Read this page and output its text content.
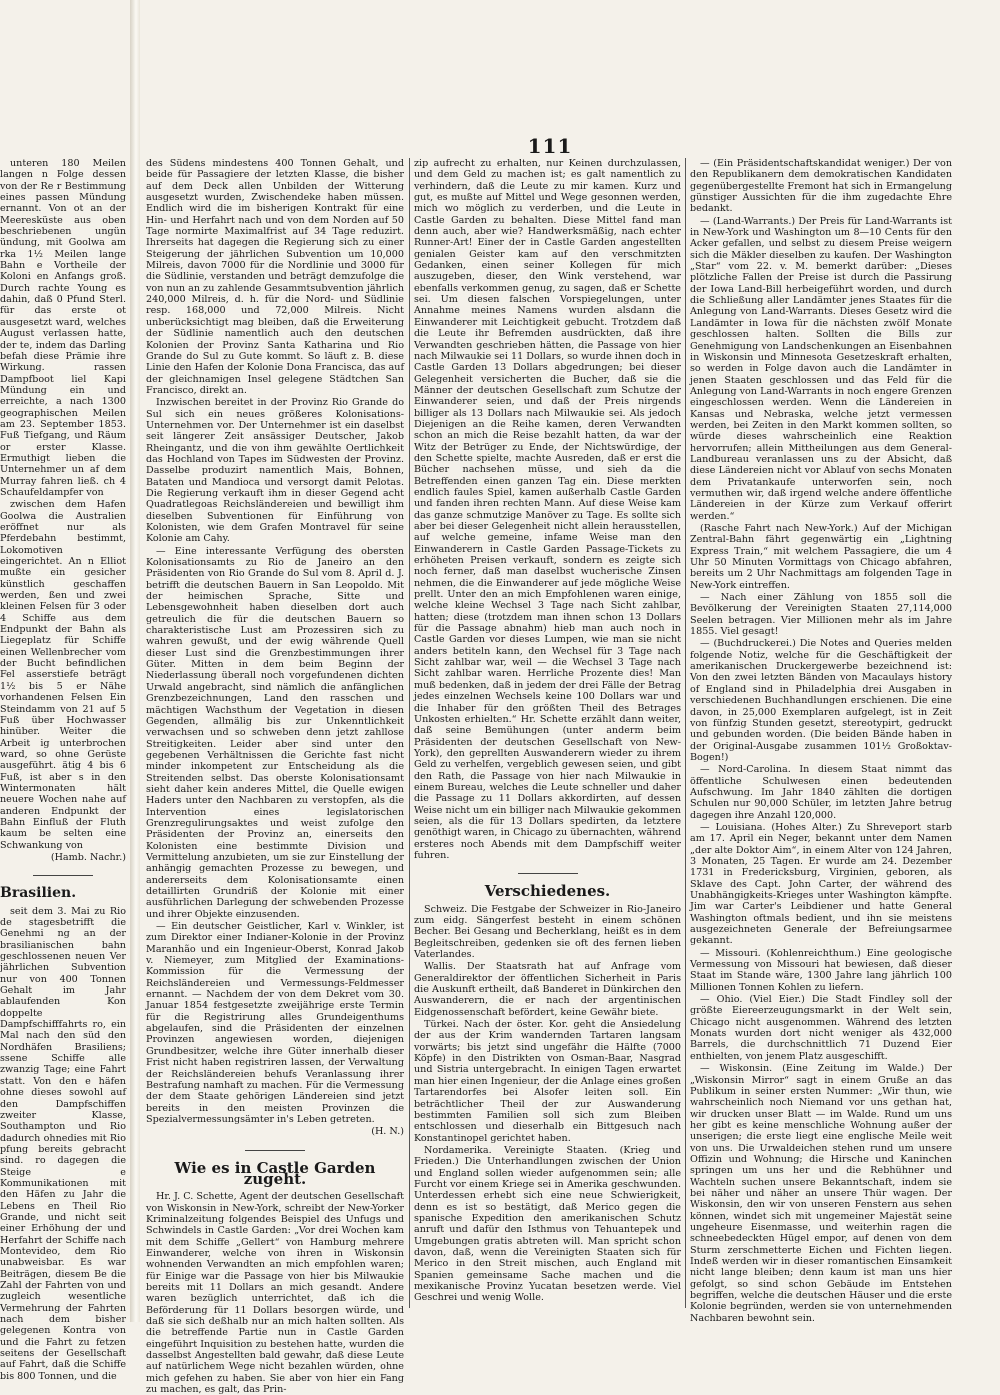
111

unteren 180 Meilen langen n Folge dessen von der Re r Bestimmung eines passen Mündung ernannt. Von ot an der Meeresküste aus oben beschriebenen ungün ündung, mit Goolwa am rka 1½ Meilen lange Bahn e Vortheile der Koloni en Anfangs groß. Durch rachte Young es dahin, daß 0 Pfund Sterl. für das erste ot ausgesetzt ward, welches August verlassen hatte, der te, indem das Darling befah diese Prämie ihre Wirkung. rassen Dampfboot liel Kapi Mündung ein und erreichte, a nach 1300 geographischen Meilen am 23. September 1853. Fuß Tiefgang, und Räum or erster Klasse. Ermuthigt lieben die Unternehmer un af dem Murray fahren ließ. ch 4 Schaufeldampfer von

zwischen dem Hafen Goolwa die Australien eröffnet nur als Pferdebahn bestimmt, Lokomotiven eingerichtet. An n Elliot mußte ein gesicher künstlich geschaffen werden, ßen und zwei kleinen Felsen für 3 oder 4 Schiffe aus dem Endpunkt der Bahn als Liegeplatz für Schiffe einen Wellenbrecher vom der Bucht befindlichen Fel asserstiefe beträgt 1½ bis 5 er Nähe vorhandenen Felsen Ein Steindamm von 21 auf 5 Fuß über Hochwasser hinüber. Weiter die Arbeit ig unterbrochen ward, so ohne Gerüste ausgeführt. ätig 4 bis 6 Fuß, ist aber s in den Wintermonaten hält neuere Wochen nahe auf anderen Endpunkt der Bahn Einfluß der Fluth kaum be selten eine Schwankung von

(Hamb. Nachr.)
Brasilien.

seit dem 3. Mai zu Rio de stagesbetrifft die Genehmi ng an der brasilianischen bahn geschlossenen neuen Ver jährlichen Subvention nur von 400 Tonnen Gehalt im Jahr ablaufenden Kon doppelte Dampfschifffahrts ro, ein Mal nach den süd den Nordhäfen Brasiliens; ssene Schiffe alle zwanzig Tage; eine Fahrt statt. Von den e häfen ohne dieses sowohl auf den Dampfschiffen zweiter Klasse, Southampton und Rio dadurch ohnedies mit Rio pfung bereits gebracht sind. ro dagegen die Steige e Kommunikationen mit den Häfen zu Jahr die Lebens en Theil Rio Grande, und nicht seit einer Erhöhung der und Herfahrt der Schiffe nach Montevideo, dem Rio unabweisbar. Es war Beiträgen, diesem Be die Zahl der Fahrten von und zugleich wesentliche Vermehrung der Fahrten nach dem bisher gelegenen Kontra von und die Fahrt zu fetzen seitens der Gesellschaft auf Fahrt, daß die Schiffe bis 800 Tonnen, und die

des Südens mindestens 400 Tonnen Gehalt, und beide für Passagiere der letzten Klasse, die bisher auf dem Deck allen Unbilden der Witterung ausgesetzt wurden, Zwischendeke haben müssen. Endlich wird die im bisherigen Kontrakt für eine Hin- und Herfahrt nach und von dem Norden auf 50 Tage normirte Maximalfrist auf 34 Tage reduzirt. Ihrerseits hat dagegen die Regierung sich zu einer Steigerung der jährlichen Subvention um 10,000 Milreis, davon 7000 für die Nordlinie und 3000 für die Südlinie, verstanden und beträgt demzufolge die von nun an zu zahlende Gesammtsubvention jährlich 240,000 Milreis, d. h. für die Nord- und Südlinie resp. 168,000 und 72,000 Milreis. Nicht unberücksichtigt mag bleiben, daß die Erweiterung der Südlinie namentlich auch den deutschen Kolonien der Provinz Santa Katharina und Rio Grande do Sul zu Gute kommt. So läuft z. B. diese Linie den Hafen der Kolonie Dona Francisca, das auf der gleichnamigen Insel gelegene Städtchen San Francisco, direkt an.

Inzwischen bereitet in der Provinz Rio Grande do Sul sich ein neues größeres Kolonisations-Unternehmen vor. Der Unternehmer ist ein daselbst seit längerer Zeit ansässiger Deutscher, Jakob Rheingantz, und die von ihm gewählte Oertlichkeit das Hochland von Tapes im Südwesten der Provinz. Dasselbe produzirt namentlich Mais, Bohnen, Bataten und Mandioca und versorgt damit Pelotas. Die Regierung verkauft ihm in dieser Gegend acht Quadratlegoas Reichsländereien und bewilligt ihm dieselben Subventionen für Einführung von Kolonisten, wie dem Grafen Montravel für seine Kolonie am Cahy.

— Eine interessante Verfügung des obersten Kolonisationsamts zu Rio de Janeiro an den Präsidenten von Rio Grande do Sul vom 8. April d. J. betrifft die deutschen Bauern in San Leopoldo. Mit der heimischen Sprache, Sitte und Lebensgewohnheit haben dieselben dort auch getreulich die für die deutschen Bauern so charakteristische Lust am Prozessiren sich zu wahren gewußt, und der ewig währende Quell dieser Lust sind die Grenzbestimmungen ihrer Güter. Mitten in dem beim Beginn der Niederlassung überall noch vorgefundenen dichten Urwald angebracht, sind nämlich die anfänglichen Grenzbezeichnungen, Land den rasschen und mächtigen Wachsthum der Vegetation in diesen Gegenden, allmälig bis zur Unkenntlichkeit verwachsen und so schweben denn jetzt zahllose Streitigkeiten. Leider aber sind unter den gegebenen Verhältnissen die Gerichte fast nicht minder inkompetent zur Entscheidung als die Streitenden selbst. Das oberste Kolonisationsamt sieht daher kein anderes Mittel, die Quelle ewigen Haders unter den Nachbaren zu verstopfen, als die Intervention eines legislatorischen Grenzregulirungsaktes und weist zufolge den Präsidenten der Provinz an, einerseits den Kolonisten eine bestimmte Division und Vermittelung anzubieten, um sie zur Einstellung der anhängig gemachten Prozesse zu bewegen, und andererseits dem Kolonisationsamte einen detaillirten Grundriß der Kolonie mit einer ausführlichen Darlegung der schwebenden Prozesse und ihrer Objekte einzusenden.

— Ein deutscher Geistlicher, Karl v. Winkler, ist zum Direktor einer Indianer-Kolonie in der Provinz Maranhão und ein Ingenieur-Oberst, Konrad Jakob v. Niemeyer, zum Mitglied der Examinations-Kommission für die Vermessung der Reichsländereien und Vermessungs-Feldmesser ernannt. — Nachdem der von dem Dekret vom 30. Januar 1854 festgesetzte zweijährige erste Termin für die Registrirung alles Grundeigenthums abgelaufen, sind die Präsidenten der einzelnen Provinzen angewiesen worden, diejenigen Grundbesitzer, welche ihre Güter innerhalb dieser Frist nicht haben registriren lassen, der Verwaltung der Reichsländereien behufs Veranlassung ihrer Bestrafung namhaft zu machen. Für die Vermessung der dem Staate gehörigen Ländereien sind jetzt bereits in den meisten Provinzen die Spezialvermessungsämter in's Leben getreten.

(H. N.)
Wie es in Castle Garden zugeht.

Hr. J. C. Schette, Agent der deutschen Gesellschaft von Wiskonsin in New-York, schreibt der New-Yorker Kriminalzeitung folgendes Beispiel des Unfugs und Schwindels in Castle Garden: „Vor drei Wochen kam mit dem Schiffe „Gellert“ von Hamburg mehrere Einwanderer, welche von ihren in Wiskonsin wohnenden Verwandten an mich empfohlen waren; für Einige war die Passage von hier bis Milwaukie bereits mit 11 Dollars an mich gesandt. Andere waren bezüglich unterrichtet, daß ich die Beförderung für 11 Dollars besorgen würde, und daß sie sich deßhalb nur an mich halten sollten. Als die betreffende Partie nun in Castle Garden eingeführt Inquisition zu bestehen hatte, wurden die dasselbst Angestellten bald gewahr, daß diese Leute auf natürlichem Wege nicht bezahlen würden, ohne mich gefehen zu haben. Sie aber von hier ein Fang zu machen, es galt, das Prin-

zip aufrecht zu erhalten, nur Keinen durchzulassen, und dem Geld zu machen ist; es galt namentlich zu verhindern, daß die Leute zu mir kamen. Kurz und gut, es mußte auf Mittel und Wege gesonnen werden, mich wo möglich zu verderben, und die Leute in Castle Garden zu behalten. Diese Mittel fand man denn auch, aber wie? Handwerksmäßig, nach echter Runner-Art! Einer der in Castle Garden angestellten genialen Geister kam auf den verschmitzten Gedanken, einen seiner Kollegen für mich auszugeben, dieser, den Wink verstehend, war ebenfalls verkommen genug, zu sagen, daß er Schette sei. Um diesen falschen Vorspiegelungen, unter Annahme meines Namens wurden alsdann die Einwanderer mit Leichtigkeit gebucht. Trotzdem daß die Leute ihr Befremden ausdrückten, daß ihre Verwandten geschrieben hätten, die Passage von hier nach Milwaukie sei 11 Dollars, so wurde ihnen doch in Castle Garden 13 Dollars abgedrungen; bei dieser Gelegenheit versicherten die Bucher, daß sie die Männer der deutschen Gesellschaft zum Schutze der Einwanderer seien, und daß der Preis nirgends billiger als 13 Dollars nach Milwaukie sei. Als jedoch Diejenigen an die Reihe kamen, deren Verwandten schon an mich die Reise bezahlt hatten, da war der Witz der Betrüger zu Ende, der Nichtswürdige, der den Schette spielte, machte Ausreden, daß er erst die Bücher nachsehen müsse, und sieh da die Betreffenden einen ganzen Tag ein. Diese merkten endlich faules Spiel, kamen außerhalb Castle Garden und fanden ihren rechten Mann. Auf diese Weise kam das ganze schmutzige Manöver zu Tage. Es sollte sich aber bei dieser Gelegenheit nicht allein herausstellen, auf welche gemeine, infame Weise man den Einwanderern in Castle Garden Passage-Tickets zu erhöheten Preisen verkauft, sondern es zeigte sich noch ferner, daß man daselbst wucherische Zinsen nehmen, die die Einwanderer auf jede mögliche Weise prellt. Unter den an mich Empfohlenen waren einige, welche kleine Wechsel 3 Tage nach Sicht zahlbar, hatten; diese (trotzdem man ihnen schon 13 Dollars für die Passage abnahm) hieb man auch noch in Castle Garden vor dieses Lumpen, wie man sie nicht anders betiteln kann, den Wechsel für 3 Tage nach Sicht zahlbar war, weil — die Wechsel 3 Tage nach Sicht zahlbar waren. Herrliche Prozente dies! Man muß bedenken, daß in jedem der drei Fälle der Betrag jedes einzelnen Wechsels keine 100 Dollars war und die Inhaber für den größten Theil des Betrages Unkosten erhielten.“ Hr. Schette erzählt dann weiter, daß seine Bemühungen (unter anderm beim Präsidenten der deutschen Gesellschaft von New-York), den geprellten Auswanderern wieder zu ihrem Geld zu verhelfen, vergeblich gewesen seien, und gibt den Rath, die Passage von hier nach Milwaukie in einem Bureau, welches die Leute schneller und daher die Passage zu 11 Dollars akkordirten, auf dessen Weise nicht um ein billiger nach Milwaukie gekommen seien, als die für 13 Dollars spedirten, da letztere genöthigt waren, in Chicago zu übernachten, während ersteres noch Abends mit dem Dampfschiff weiter fuhren.

Verschiedenes.

Schweiz. Die Festgabe der Schweizer in Rio-Janeiro zum eidg. Sängerfest besteht in einem schönen Becher. Bei Gesang und Becherklang, heißt es in dem Begleitschreiben, gedenken sie oft des fernen lieben Vaterlandes.

Wallis. Der Staatsrath hat auf Anfrage vom Generaldirektor der öffentlichen Sicherheit in Paris die Auskunft ertheilt, daß Banderet in Dünkirchen den Auswanderern, die er nach der argentinischen Eidgenossenschaft befördert, keine Gewähr biete.

Türkei. Nach der öster. Kor. geht die Ansiedelung der aus der Krim wandernden Tartaren langsam vorwärts; bis jetzt sind ungefähr die Hälfte (7000 Köpfe) in den Distrikten von Osman-Baar, Nasgrad und Sistria untergebracht. In einigen Tagen erwartet man hier einen Ingenieur, der die Anlage eines großen Tartarendorfes bei Alsofer leiten soll. Ein beträchtlicher Theil der zur Auswanderung bestimmten Familien soll sich zum Bleiben entschlossen und dieserhalb ein Bittgesuch nach Konstantinopel gerichtet haben.

Nordamerika. Vereinigte Staaten. (Krieg und Frieden.) Die Unterhandlungen zwischen der Union und England sollen wieder aufgenommen sein; alle Furcht vor einem Kriege sei in Amerika geschwunden. Unterdessen erhebt sich eine neue Schwierigkeit, denn es ist so bestätigt, daß Merico gegen die spanische Expedition den amerikanischen Schutz anruft und dafür den Isthmus von Tehuantepek und Umgebungen gratis abtreten will. Man spricht schon davon, daß, wenn die Vereinigten Staaten sich für Merico in den Streit mischen, auch England mit Spanien gemeinsame Sache machen und die mexikanische Provinz Yucatan besetzen werde. Viel Geschrei und wenig Wolle.

— (Ein Präsidentschaftskandidat weniger.) Der von den Republikanern dem demokratischen Kandidaten gegenübergestellte Fremont hat sich in Ermangelung günstiger Aussichten für die ihm zugedachte Ehre bedankt.

— (Land-Warrants.) Der Preis für Land-Warrants ist in New-York und Washington um 8—10 Cents für den Acker gefallen, und selbst zu diesem Preise weigern sich die Mäkler dieselben zu kaufen. Der Washington „Star“ vom 22. v. M. bemerkt darüber: „Dieses plötzliche Fallen der Preise ist durch die Passirung der Iowa Land-Bill herbeigeführt worden, und durch die Schließung aller Landämter jenes Staates für die Anlegung von Land-Warrants. Dieses Gesetz wird die Landämter in Iowa für die nächsten zwölf Monate geschlossen halten. Sollten die Bills zur Genehmigung von Landschenkungen an Eisenbahnen in Wiskonsin und Minnesota Gesetzeskraft erhalten, so werden in Folge davon auch die Landämter in jenen Staaten geschlossen und das Feld für die Anlegung von Land-Warrants in noch engere Grenzen eingeschlossen werden. Wenn die Ländereien in Kansas und Nebraska, welche jetzt vermessen werden, bei Zeiten in den Markt kommen sollten, so würde dieses wahrscheinlich eine Reaktion hervorrufen; allein Mittheilungen aus dem General-Landbureau veranlassen uns zu der Absicht, daß diese Ländereien nicht vor Ablauf von sechs Monaten dem Privatankaufe unterworfen sein, noch vermuthen wir, daß irgend welche andere öffentliche Ländereien in der Kürze zum Verkauf offerirt werden.“

(Rasche Fahrt nach New-York.) Auf der Michigan Zentral-Bahn fährt gegenwärtig ein „Lightning Express Train,“ mit welchem Passagiere, die um 4 Uhr 50 Minuten Vormittags von Chicago abfahren, bereits um 2 Uhr Nachmittags am folgenden Tage in New-York eintreffen.

— Nach einer Zählung von 1855 soll die Bevölkerung der Vereinigten Staaten 27,114,000 Seelen betragen. Vier Millionen mehr als im Jahre 1855. Viel gesagt!

— (Buchdruckerei.) Die Notes and Queries melden folgende Notiz, welche für die Geschäftigkeit der amerikanischen Druckergewerbe bezeichnend ist: Von den zwei letzten Bänden von Macaulays history of England sind in Philadelphia drei Ausgaben in verschiedenen Buchhandlungen erschienen. Die eine davon, in 25,000 Exemplaren aufgelegt, ist in Zeit von fünfzig Stunden gesetzt, stereotypirt, gedruckt und gebunden worden. (Die beiden Bände haben in der Original-Ausgabe zusammen 101½ Großoktav-Bogen!)

— Nord-Carolina. In diesem Staat nimmt das öffentliche Schulwesen einen bedeutenden Aufschwung. Im Jahr 1840 zählten die dortigen Schulen nur 90,000 Schüler, im letzten Jahre betrug dagegen ihre Anzahl 120,000.

— Louisiana. (Hohes Alter.) Zu Shreveport starb am 17. April ein Neger, bekannt unter dem Namen „der alte Doktor Aim“, in einem Alter von 124 Jahren, 3 Monaten, 25 Tagen. Er wurde am 24. Dezember 1731 in Fredericksburg, Virginien, geboren, als Sklave des Capt. John Carter, der während des Unabhängigkeits-Krieges unter Washington kämpfte. Jim war Carter's Leibdiener und hatte General Washington oftmals bedient, und ihn sie meistens ausgezeichneten Generale der Befreiungsarmee gekannt.

— Missouri. (Kohlenreichthum.) Eine geologische Vermessung von Missouri hat bewiesen, daß dieser Staat im Stande wäre, 1300 Jahre lang jährlich 100 Millionen Tonnen Kohlen zu liefern.

— Ohio. (Viel Eier.) Die Stadt Findley soll der größte Eiereerzeugungsmarkt in der Welt sein, Chicago nicht ausgenommen. Während des letzten Monats wurden dort nicht weniger als 432,000 Barrels, die durchschnittlich 71 Duzend Eier enthielten, von jenem Platz ausgeschifft.

— Wiskonsin. (Eine Zeitung im Walde.) Der „Wiskonsin Mirror“ sagt in einem Gruße an das Publikum in seiner ersten Nummer: „Wir thun, wie wahrscheinlich noch Niemand vor uns gethan hat, wir drucken unser Blatt — im Walde. Rund um uns her gibt es keine menschliche Wohnung außer der unserigen; die erste liegt eine englische Meile weit von uns. Die Urwaldeichen stehen rund um unsere Offizin und Wohnung; die Hirsche und Kaninchen springen um uns her und die Rebhühner und Wachteln suchen unsere Bekanntschaft, indem sie bei näher und näher an unsere Thür wagen. Der Wiskonsin, den wir von unseren Fenstern aus sehen können, windet sich mit ungemeiner Majestät seine ungeheure Eisenmasse, und weiterhin ragen die schneebedeckten Hügel empor, auf denen von dem Sturm zerschmetterte Eichen und Fichten liegen. Indeß werden wir in dieser romantischen Einsamkeit nicht lange bleiben; denn kaum ist man uns hier gefolgt, so sind schon Gebäude im Entstehen begriffen, welche die deutschen Häuser und die erste Kolonie begründen, werden sie von unternehmenden Nachbaren bewohnt sein.
